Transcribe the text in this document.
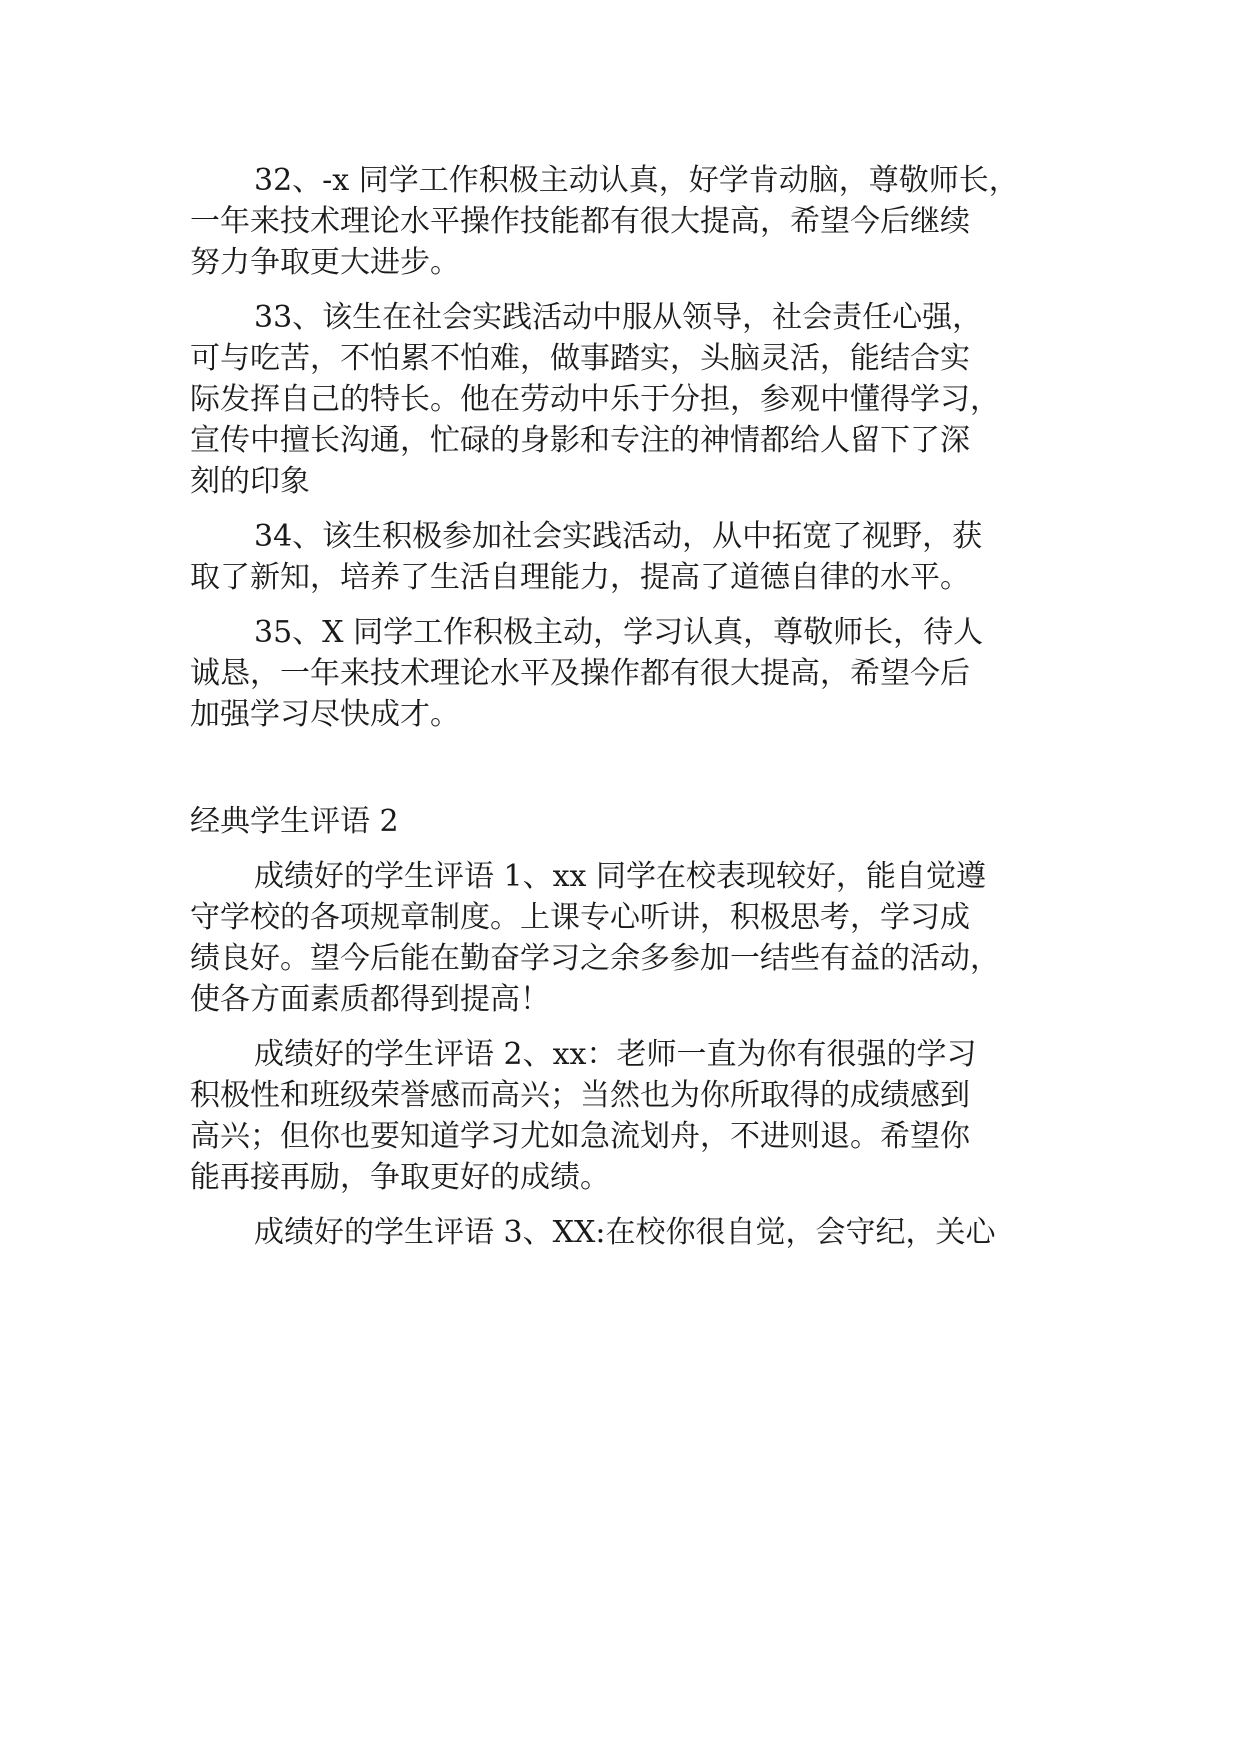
32、-x 同学工作积极主动认真，好学肯动脑，尊敬师长，
一年来技术理论水平操作技能都有很大提高，希望今后继续
努力争取更大进步。

33、该生在社会实践活动中服从领导，社会责任心强，
可与吃苦，不怕累不怕难，做事踏实，头脑灵活，能结合实
际发挥自己的特长。他在劳动中乐于分担，参观中懂得学习，
宣传中擅长沟通，忙碌的身影和专注的神情都给人留下了深
刻的印象

34、该生积极参加社会实践活动，从中拓宽了视野，获
取了新知，培养了生活自理能力，提高了道德自律的水平。

35、X 同学工作积极主动，学习认真，尊敬师长，待人
诚恳，一年来技术理论水平及操作都有很大提高，希望今后
加强学习尽快成才。

经典学生评语 2

成绩好的学生评语 1、xx 同学在校表现较好，能自觉遵
守学校的各项规章制度。上课专心听讲，积极思考，学习成
绩良好。望今后能在勤奋学习之余多参加一结些有益的活动，
使各方面素质都得到提高！

成绩好的学生评语 2、xx：老师一直为你有很强的学习
积极性和班级荣誉感而高兴；当然也为你所取得的成绩感到
高兴；但你也要知道学习尤如急流划舟，不进则退。希望你
能再接再励，争取更好的成绩。

成绩好的学生评语 3、XX:在校你很自觉，会守纪，关心
